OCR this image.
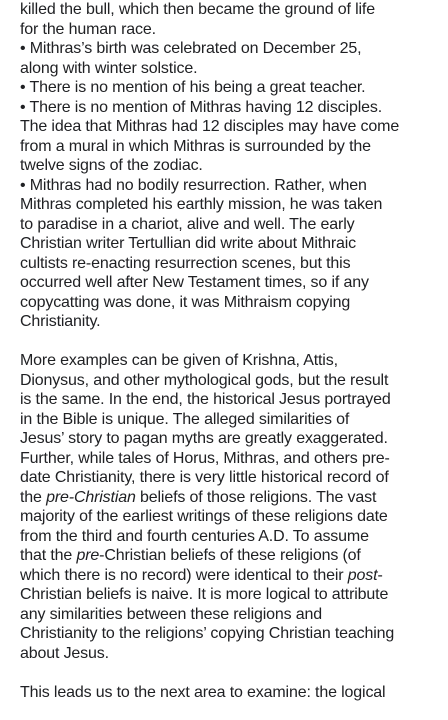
killed the bull, which then became the ground of life
for the human race.

• Mithras’s birth was celebrated on December 25,
along with winter solstice.

• There is no mention of his being a great teacher.

• There is no mention of Mithras having 12 disciples.
The idea that Mithras had 12 disciples may have come
from a mural in which Mithras is surrounded by the
twelve signs of the zodiac.

• Mithras had no bodily resurrection. Rather, when
Mithras completed his earthly mission, he was taken
to paradise in a chariot, alive and well. The early
Christian writer Tertullian did write about Mithraic
cultists re-enacting resurrection scenes, but this
occurred well after New Testament times, so if any
copycatting was done, it was Mithraism copying
Christianity.

More examples can be given of Krishna, Attis,
Dionysus, and other mythological gods, but the result
is the same. In the end, the historical Jesus portrayed
in the Bible is unique. The alleged similarities of
Jesus’ story to pagan myths are greatly exaggerated.
Further, while tales of Horus, Mithras, and others pre-
date Christianity, there is very little historical record of
the pre-Christian beliefs of those religions. The vast
majority of the earliest writings of these religions date
from the third and fourth centuries A.D. To assume
that the pre-Christian beliefs of these religions (of
which there is no record) were identical to their post-
Christian beliefs is naive. It is more logical to attribute
any similarities between these religions and
Christianity to the religions’ copying Christian teaching
about Jesus.

This leads us to the next area to examine: the logical
